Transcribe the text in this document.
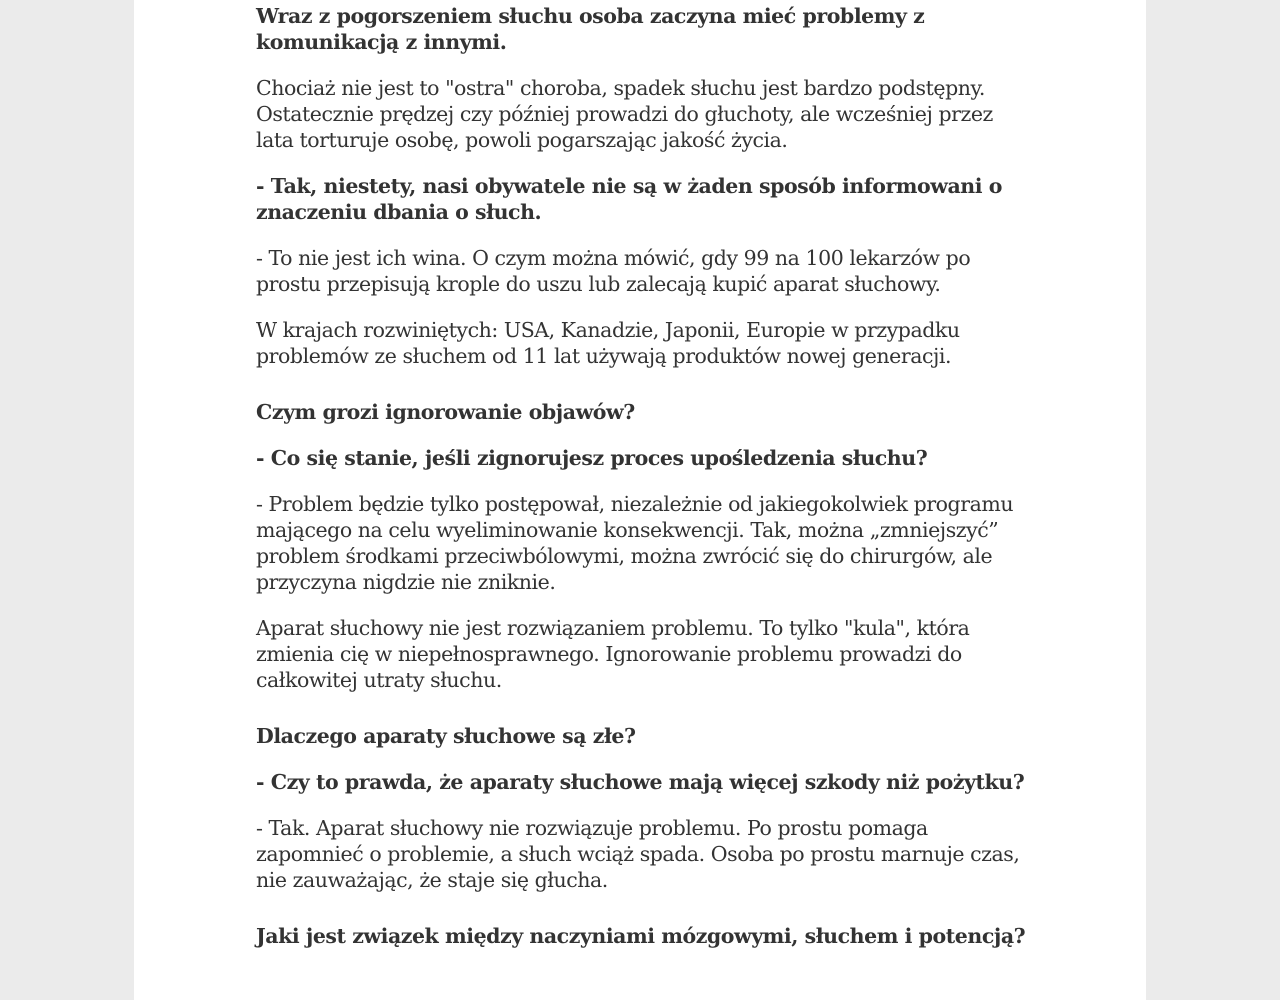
Wraz z pogorszeniem słuchu osoba zaczyna mieć problemy z komunikacją z innymi.

Chociaż nie jest to "ostra" choroba, spadek słuchu jest bardzo podstępny. Ostatecznie prędzej czy później prowadzi do głuchoty, ale wcześniej przez lata torturuje osobę, powoli pogarszając jakość życia.

- Tak, niestety, nasi obywatele nie są w żaden sposób informowani o znaczeniu dbania o słuch.

- To nie jest ich wina. O czym można mówić, gdy 99 na 100 lekarzów po prostu przepisują krople do uszu lub zalecają kupić aparat słuchowy.

W krajach rozwiniętych: USA, Kanadzie, Japonii, Europie w przypadku problemów ze słuchem od 11 lat używają produktów nowej generacji.

Czym grozi ignorowanie objawów?

- Co się stanie, jeśli zignorujesz proces upośledzenia słuchu?

- Problem będzie tylko postępował, niezależnie od jakiegokolwiek programu mającego na celu wyeliminowanie konsekwencji. Tak, można „zmniejszyć” problem środkami przeciwbólowymi, można zwrócić się do chirurgów, ale przyczyna nigdzie nie zniknie.

Aparat słuchowy nie jest rozwiązaniem problemu. To tylko "kula", która zmienia cię w niepełnosprawnego. Ignorowanie problemu prowadzi do całkowitej utraty słuchu.

Dlaczego aparaty słuchowe są złe?

- Czy to prawda, że aparaty słuchowe mają więcej szkody niż pożytku?

- Tak. Aparat słuchowy nie rozwiązuje problemu. Po prostu pomaga zapomnieć o problemie, a słuch wciąż spada. Osoba po prostu marnuje czas, nie zauważając, że staje się głucha.

Jaki jest związek między naczyniami mózgowymi, słuchem i potencją?
